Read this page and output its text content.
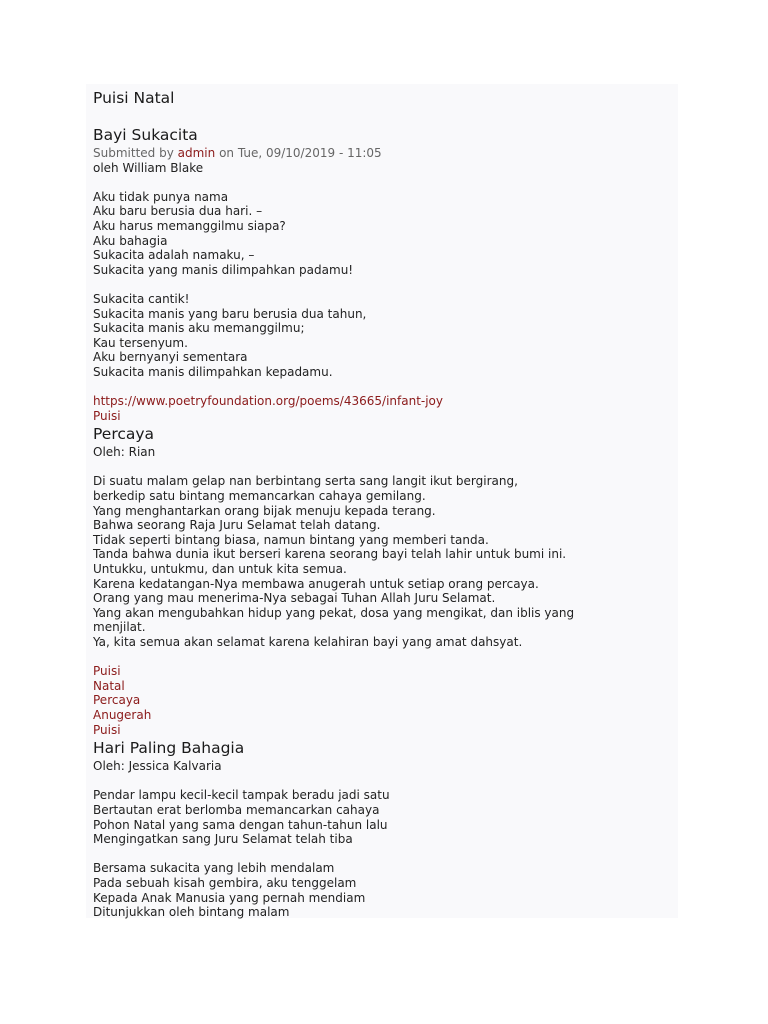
Puisi Natal
Bayi Sukacita
Submitted by admin on Tue, 09/10/2019 - 11:05
oleh William Blake
Aku tidak punya nama
Aku baru berusia dua hari. –
Aku harus memanggilmu siapa?
Aku bahagia
Sukacita adalah namaku, –
Sukacita yang manis dilimpahkan padamu!
Sukacita cantik!
Sukacita manis yang baru berusia dua tahun,
Sukacita manis aku memanggilmu;
Kau tersenyum.
Aku bernyanyi sementara
Sukacita manis dilimpahkan kepadamu.
https://www.poetryfoundation.org/poems/43665/infant-joy
Puisi
Percaya
Oleh: Rian
Di suatu malam gelap nan berbintang serta sang langit ikut bergirang,
berkedip satu bintang memancarkan cahaya gemilang.
Yang menghantarkan orang bijak menuju kepada terang.
Bahwa seorang Raja Juru Selamat telah datang.
Tidak seperti bintang biasa, namun bintang yang memberi tanda.
Tanda bahwa dunia ikut berseri karena seorang bayi telah lahir untuk bumi ini.
Untukku, untukmu, dan untuk kita semua.
Karena kedatangan-Nya membawa anugerah untuk setiap orang percaya.
Orang yang mau menerima-Nya sebagai Tuhan Allah Juru Selamat.
Yang akan mengubahkan hidup yang pekat, dosa yang mengikat, dan iblis yang
menjilat.
Ya, kita semua akan selamat karena kelahiran bayi yang amat dahsyat.
Puisi
Natal
Percaya
Anugerah
Puisi
Hari Paling Bahagia
Oleh: Jessica Kalvaria
Pendar lampu kecil-kecil tampak beradu jadi satu
Bertautan erat berlomba memancarkan cahaya
Pohon Natal yang sama dengan tahun-tahun lalu
Mengingatkan sang Juru Selamat telah tiba
Bersama sukacita yang lebih mendalam
Pada sebuah kisah gembira, aku tenggelam
Kepada Anak Manusia yang pernah mendiam
Ditunjukkan oleh bintang malam
